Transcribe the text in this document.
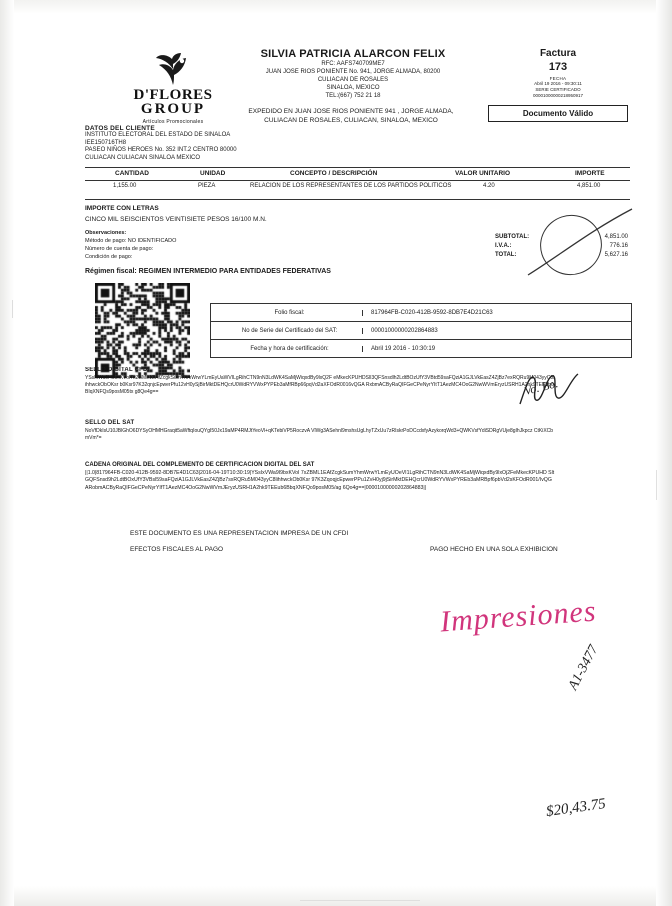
D'FLORES
GROUP
Artículos Promocionales
SILVIA PATRICIA ALARCON FELIX
RFC: AAFS740709ME7
JUAN JOSE RIOS PONIENTE No. 941, JORGE ALMADA, 80200
CULIACAN DE ROSALES
SINALOA, MEXICO
TEL:(667) 752 21 18
Factura
173
FECHA
Abril 19 2016 - 09:30:11
SERIE CERTIFICADO
00001000000218950917
Documento Válido
EXPEDIDO EN JUAN JOSE RIOS PONIENTE 941 , JORGE ALMADA,
CULIACAN DE ROSALES, CULIACAN, SINALOA, MEXICO
DATOS DEL CLIENTE
INSTITUTO ELECTORAL DEL ESTADO DE SINALOA
IEE150716TH8
PASEO NIÑOS HEROES No. 352 INT.2 CENTRO 80000
CULIACAN CULIACAN SINALOA MEXICO
CANTIDAD	UNIDAD	CONCEPTO / DESCRIPCIÓN	VALOR UNITARIO	IMPORTE
1,155.00	PIEZA	RELACION DE LOS REPRESENTANTES DE LOS PARTIDOS POLITICOS	4.20	4,851.00
IMPORTE CON LETRAS
CINCO MIL SEISCIENTOS VEINTISIETE PESOS 16/100 M.N.
Observaciones:
Método de pago: NO IDENTIFICADO
Número de cuenta de pago:
Condición de pago:
SUBTOTAL:	4,851.00
I.V.A.:	776.16
TOTAL:	5,627.16
Régimen fiscal: REGIMEN INTERMEDIO PARA ENTIDADES FEDERATIVAS
Folio fiscal:	817964FB-C020-412B-9592-8DB7E4D21C63
No de Serie del Certificado del SAT:	00001000000202864883
Fecha y hora de certificación:	Abril 19 2016 - 10:30:19
SELLO DIGITAL CFDI
YSsIxWa9H9bxKVoI7xZBML1EAfZcgkSumYhmWrwYLmEyUaWVILgRihCTN9nN3LdWK4SaMjWiqxdBy9lxQ2F eMkecKPUHDSlI3QFSnsdlh2LdtBOzUfY3VBtd59saFQziA1GJLVkEasZ4ZjBz7exRQRu9M043yyC8lihhwckObOKsr b0Ksr97K32qnjcEpwerPfu12vH0ySjBirMktDEHQcrU0WdRYVWxPYPEb3aMfRBp66pqVd2aXFOdR0016vQGA RxbmACByRaQIFGeCPeNyrYItT1AezMC4OoG2NwWVmEryzUSRH1A2hk9TEEub6BIqXNFQs9posM05tx g8Qe4g==
SELLO DEL SAT
NoVfDkIsU10JBlGhO6DYSyOHMHGraqit5aWftqIouQYgI50Jx19aMP4RMJtYeoVl+qKTebiVP5RoczvA VlWg3ASehnl9mshsUgLhyTZxUu7zRIskrPoDCcdxfyAzykorqWd3+QWKVsfYdiSDRgVUje8gIhJkpcz CtKiXCbmVm*=
CADENA ORIGINAL DEL COMPLEMENTO DE CERTIFICACION DIGITAL DEL SAT
||1.0|817964FB-C020-412B-9592-8DB7E4D1C63|2016-04-19T10:30:19|YSsIxVWa9I9bxKVoI 7xZBML1EAfZcgkSumYhmWrwYLmEyUOeVI1LgRihCTN9nN3LdWK4SaMjWiqxdBy9lxOj2FeMkecKPUHD SltGQFSnsd9h2LdtBOxUfY3VBsl59saFQziA1GJLVkEasZ4ZjBz7sxRQRu5M043yyC8lihhwckOb0Ksr 97K3ZqoqjcEpwerPPu1ZvH0yj9jSirMktDEHQcrU0WdRYVWxPYREb3aMRBpf6pbVd2sKFOdR001/IvQG ARobmACByRaQIFGeCPeNyrYIfT1AezMC4OoG2NwWVmJEryzUSRH1A2hk9TEEub6BbqXNFQo9posM05/ag 6Qo4g==|00001000000202864883||
ESTE DOCUMENTO ES UNA REPRESENTACION IMPRESA DE UN CFDI
EFECTOS FISCALES AL PAGO	PAGO HECHO EN UNA SOLA EXHIBICION
Vo. Bo.
Impresiones
A1-3477
$20,43.75
